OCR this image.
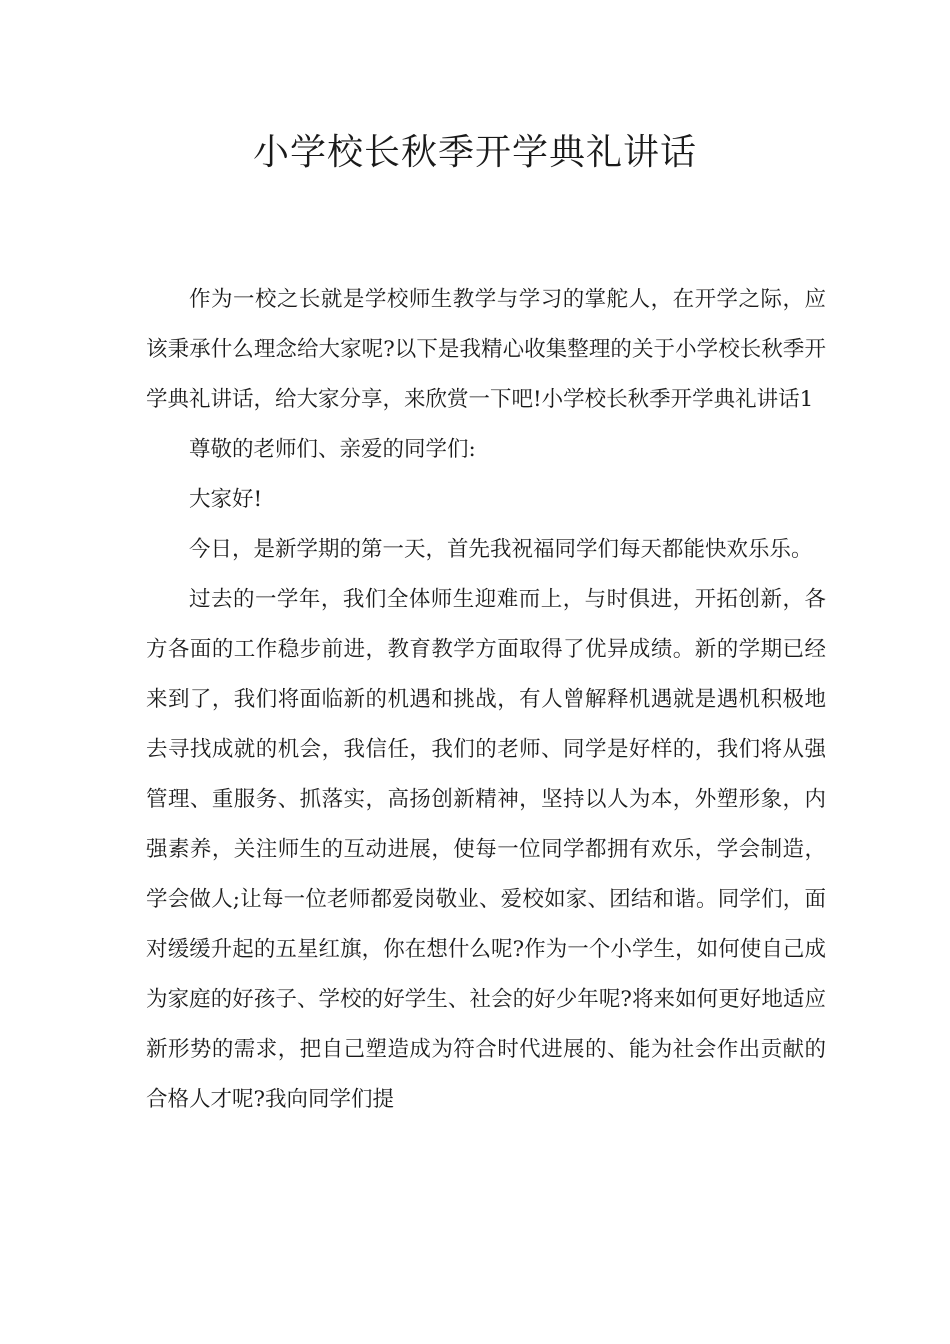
小学校长秋季开学典礼讲话

作为一校之长就是学校师生教学与学习的掌舵人，在开学之际，应该秉承什么理念给大家呢?以下是我精心收集整理的关于小学校长秋季开学典礼讲话，给大家分享，来欣赏一下吧!小学校长秋季开学典礼讲话1

尊敬的老师们、亲爱的同学们:

大家好!

今日，是新学期的第一天，首先我祝福同学们每天都能快欢乐乐。

过去的一学年，我们全体师生迎难而上，与时俱进，开拓创新，各方各面的工作稳步前进，教育教学方面取得了优异成绩。新的学期已经来到了，我们将面临新的机遇和挑战，有人曾解释机遇就是遇机积极地去寻找成就的机会，我信任，我们的老师、同学是好样的，我们将从强管理、重服务、抓落实，高扬创新精神，坚持以人为本，外塑形象，内强素养，关注师生的互动进展，使每一位同学都拥有欢乐，学会制造，学会做人;让每一位老师都爱岗敬业、爱校如家、团结和谐。同学们，面对缓缓升起的五星红旗，你在想什么呢?作为一个小学生，如何使自己成为家庭的好孩子、学校的好学生、社会的好少年呢?将来如何更好地适应新形势的需求，把自己塑造成为符合时代进展的、能为社会作出贡献的合格人才呢?我向同学们提
